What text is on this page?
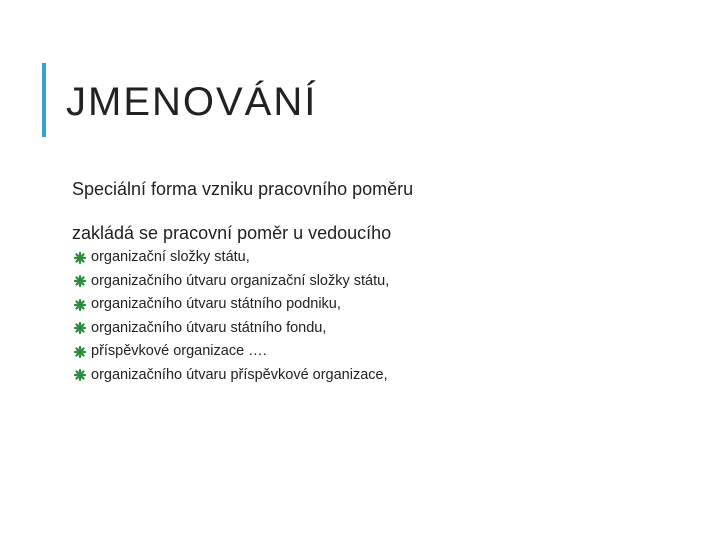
JMENOVÁNÍ

Speciální forma vzniku pracovního poměru

zakládá se pracovní poměr u vedoucího

organizační složky státu,
organizačního útvaru organizační složky státu,
organizačního útvaru státního podniku,
organizačního útvaru státního fondu,
příspěvkové organizace ….
organizačního útvaru příspěvkové organizace,
